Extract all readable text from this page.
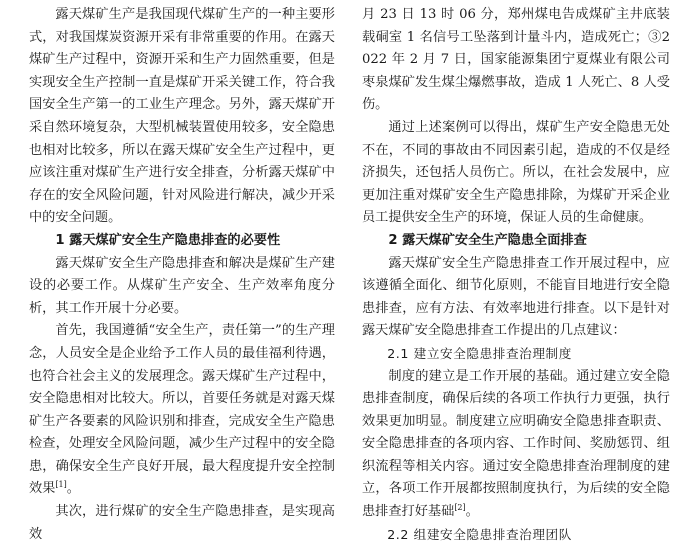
露天煤矿生产是我国现代煤矿生产的一种主要形式，对我国煤炭资源开采有非常重要的作用。在露天煤矿生产过程中，资源开采和生产力固然重要，但是实现安全生产控制一直是煤矿开采关键工作，符合我国安全生产第一的工业生产理念。另外，露天煤矿开采自然环境复杂，大型机械装置使用较多，安全隐患也相对比较多，所以在露天煤矿安全生产过程中，更应该注重对煤矿生产进行安全排查，分析露天煤矿中存在的安全风险问题，针对风险进行解决，减少开采中的安全问题。

1 露天煤矿安全生产隐患排查的必要性

露天煤矿安全生产隐患排查和解决是煤矿生产建设的必要工作。从煤矿生产安全、生产效率角度分析，其工作开展十分必要。

首先，我国遵循“安全生产，责任第一”的生产理念，人员安全是企业给予工作人员的最佳福利待遇，也符合社会主义的发展理念。露天煤矿生产过程中，安全隐患相对比较大。所以，首要任务就是对露天煤矿生产各要素的风险识别和排查，完成安全生产隐患检查，处理安全风险问题，减少生产过程中的安全隐患，确保安全生产良好开展，最大程度提升安全控制效果[1]。

其次，进行煤矿的安全生产隐患排查，是实现高效

月 23 日 13 时 06 分，郑州煤电告成煤矿主井底装载硐室 1 名信号工坠落到计量斗内，造成死亡；③2022 年 2 月 7 日，国家能源集团宁夏煤业有限公司枣泉煤矿发生煤尘爆燃事故，造成 1 人死亡、8 人受伤。

通过上述案例可以得出，煤矿生产安全隐患无处不在，不同的事故由不同因素引起，造成的不仅是经济损失，还包括人员伤亡。所以，在社会发展中，应更加注重对煤矿安全生产隐患排除，为煤矿开采企业员工提供安全生产的环境，保证人员的生命健康。

2 露天煤矿安全生产隐患全面排查

露天煤矿安全生产隐患排查工作开展过程中，应该遵循全面化、细节化原则，不能盲目地进行安全隐患排查，应有方法、有效率地进行排查。以下是针对露天煤矿安全隐患排查工作提出的几点建议：

2.1 建立安全隐患排查治理制度

制度的建立是工作开展的基础。通过建立安全隐患排查制度，确保后续的各项工作执行力更强，执行效果更加明显。制度建立应明确安全隐患排查职责、安全隐患排查的各项内容、工作时间、奖励惩罚、组织流程等相关内容。通过安全隐患排查治理制度的建立，各项工作开展都按照制度执行，为后续的安全隐患排查打好基础[2]。

2.2 组建安全隐患排查治理团队
